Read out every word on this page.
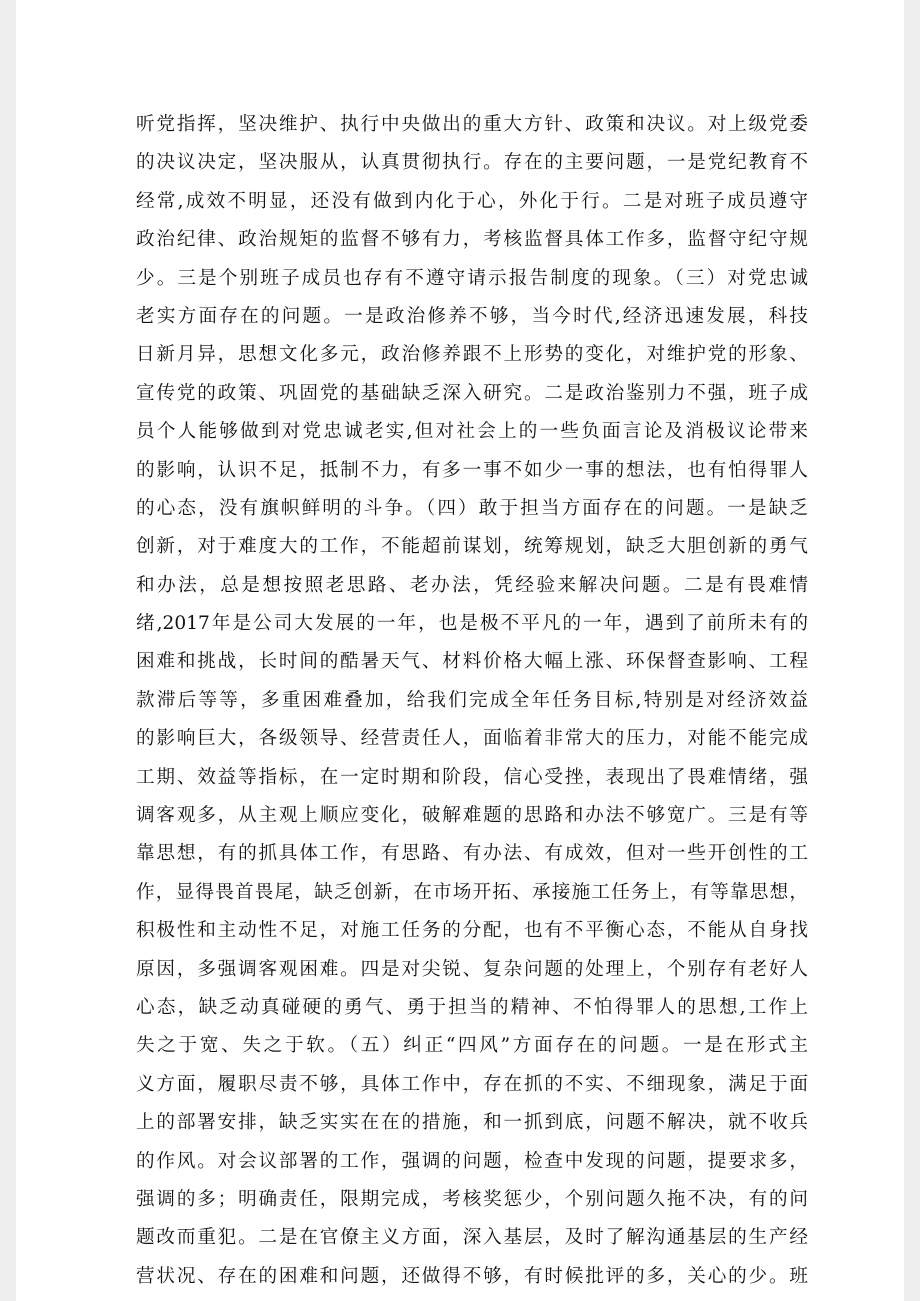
听党指挥，坚决维护、执行中央做出的重大方针、政策和决议。对上级党委
的决议决定，坚决服从，认真贯彻执行。存在的主要问题，一是党纪教育不
经常,成效不明显，还没有做到内化于心，外化于行。二是对班子成员遵守
政治纪律、政治规矩的监督不够有力，考核监督具体工作多，监督守纪守规
少。三是个别班子成员也存有不遵守请示报告制度的现象。（三）对党忠诚
老实方面存在的问题。一是政治修养不够，当今时代,经济迅速发展，科技
日新月异，思想文化多元，政治修养跟不上形势的变化，对维护党的形象、
宣传党的政策、巩固党的基础缺乏深入研究。二是政治鉴别力不强，班子成
员个人能够做到对党忠诚老实,但对社会上的一些负面言论及消极议论带来
的影响，认识不足，抵制不力，有多一事不如少一事的想法，也有怕得罪人
的心态，没有旗帜鲜明的斗争。（四）敢于担当方面存在的问题。一是缺乏
创新，对于难度大的工作，不能超前谋划，统筹规划，缺乏大胆创新的勇气
和办法，总是想按照老思路、老办法，凭经验来解决问题。二是有畏难情
绪,2017年是公司大发展的一年，也是极不平凡的一年，遇到了前所未有的
困难和挑战，长时间的酷暑天气、材料价格大幅上涨、环保督查影响、工程
款滞后等等，多重困难叠加，给我们完成全年任务目标,特别是对经济效益
的影响巨大，各级领导、经营责任人，面临着非常大的压力，对能不能完成
工期、效益等指标，在一定时期和阶段，信心受挫，表现出了畏难情绪，强
调客观多，从主观上顺应变化，破解难题的思路和办法不够宽广。三是有等
靠思想，有的抓具体工作，有思路、有办法、有成效，但对一些开创性的工
作，显得畏首畏尾，缺乏创新，在市场开拓、承接施工任务上，有等靠思想，
积极性和主动性不足，对施工任务的分配，也有不平衡心态，不能从自身找
原因，多强调客观困难。四是对尖锐、复杂问题的处理上，个别存有老好人
心态，缺乏动真碰硬的勇气、勇于担当的精神、不怕得罪人的思想,工作上
失之于宽、失之于软。（五）纠正“四风”方面存在的问题。一是在形式主
义方面，履职尽责不够，具体工作中，存在抓的不实、不细现象，满足于面
上的部署安排，缺乏实实在在的措施，和一抓到底，问题不解决，就不收兵
的作风。对会议部署的工作，强调的问题，检查中发现的问题，提要求多，
强调的多；明确责任，限期完成，考核奖惩少，个别问题久拖不决，有的问
题改而重犯。二是在官僚主义方面，深入基层，及时了解沟通基层的生产经
营状况、存在的困难和问题，还做得不够，有时候批评的多，关心的少。班
